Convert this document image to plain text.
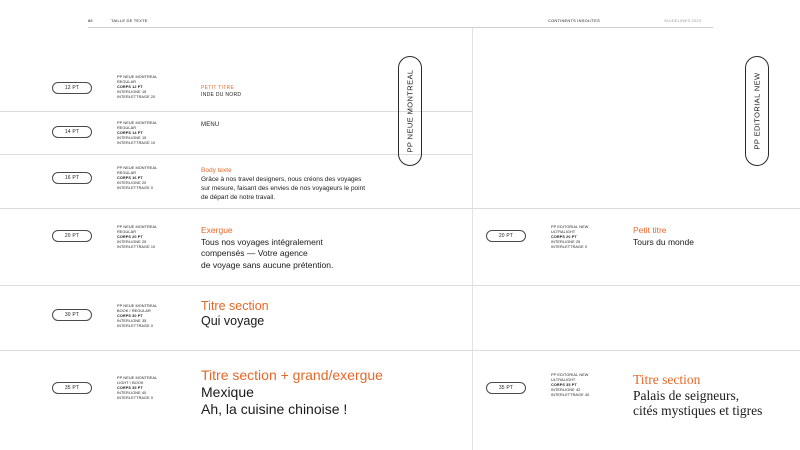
86	TAILLE DE TEXTE	CONTINENTS INSOLITES	GUIDELINES 2023
PP NEUE MONTREAL	PP EDITORIAL NEW
12 PT
PP NEUE MONTREAL
REGULAR
CORPS 12 PT
INTERLIGNE 15
INTERLETTRAGE 20
PETIT TITRE
INDE DU NORD
14 PT
PP NEUE MONTREAL
REGULAR
CORPS 14 PT
INTERLIGNE 15
INTERLETTRAGE 10
MENU
16 PT
PP NEUE MONTREAL
REGULAR
CORPS 16 PT
INTERLIGNE 20
INTERLETTRAGE 0
Body texte
Grâce à nos travel designers, nous créons des voyages
sur mesure, faisant des envies de nos voyageurs le point
de départ de notre travail.
20 PT
PP NEUE MONTREAL
REGULAR
CORPS 20 PT
INTERLIGNE 25
INTERLETTRAGE 10
Exergue
Tous nos voyages intégralement
compensés — Votre agence
de voyage sans aucune prétention.
20 PT
PP EDITORIAL NEW
ULTRALIGHT
CORPS 20 PT
INTERLIGNE 25
INTERLETTRAGE 0
Petit titre
Tours du monde
30 PT
PP NEUE MONTREAL
BOOK / REGULAR
CORPS 30 PT
INTERLIGNE 35
INTERLETTRAGE 0
Titre section
Qui voyage
35 PT
PP NEUE MONTREAL
LIGHT / BOOK
CORPS 35 PT
INTERLIGNE 40
INTERLETTRAGE 0
Titre section + grand/exergue
Mexique
Ah, la cuisine chinoise !
35 PT
PP EDITORIAL NEW
ULTRALIGHT
CORPS 35 PT
INTERLIGNE 42
INTERLETTRAGE 40
Titre section
Palais de seigneurs,
cités mystiques et tigres
